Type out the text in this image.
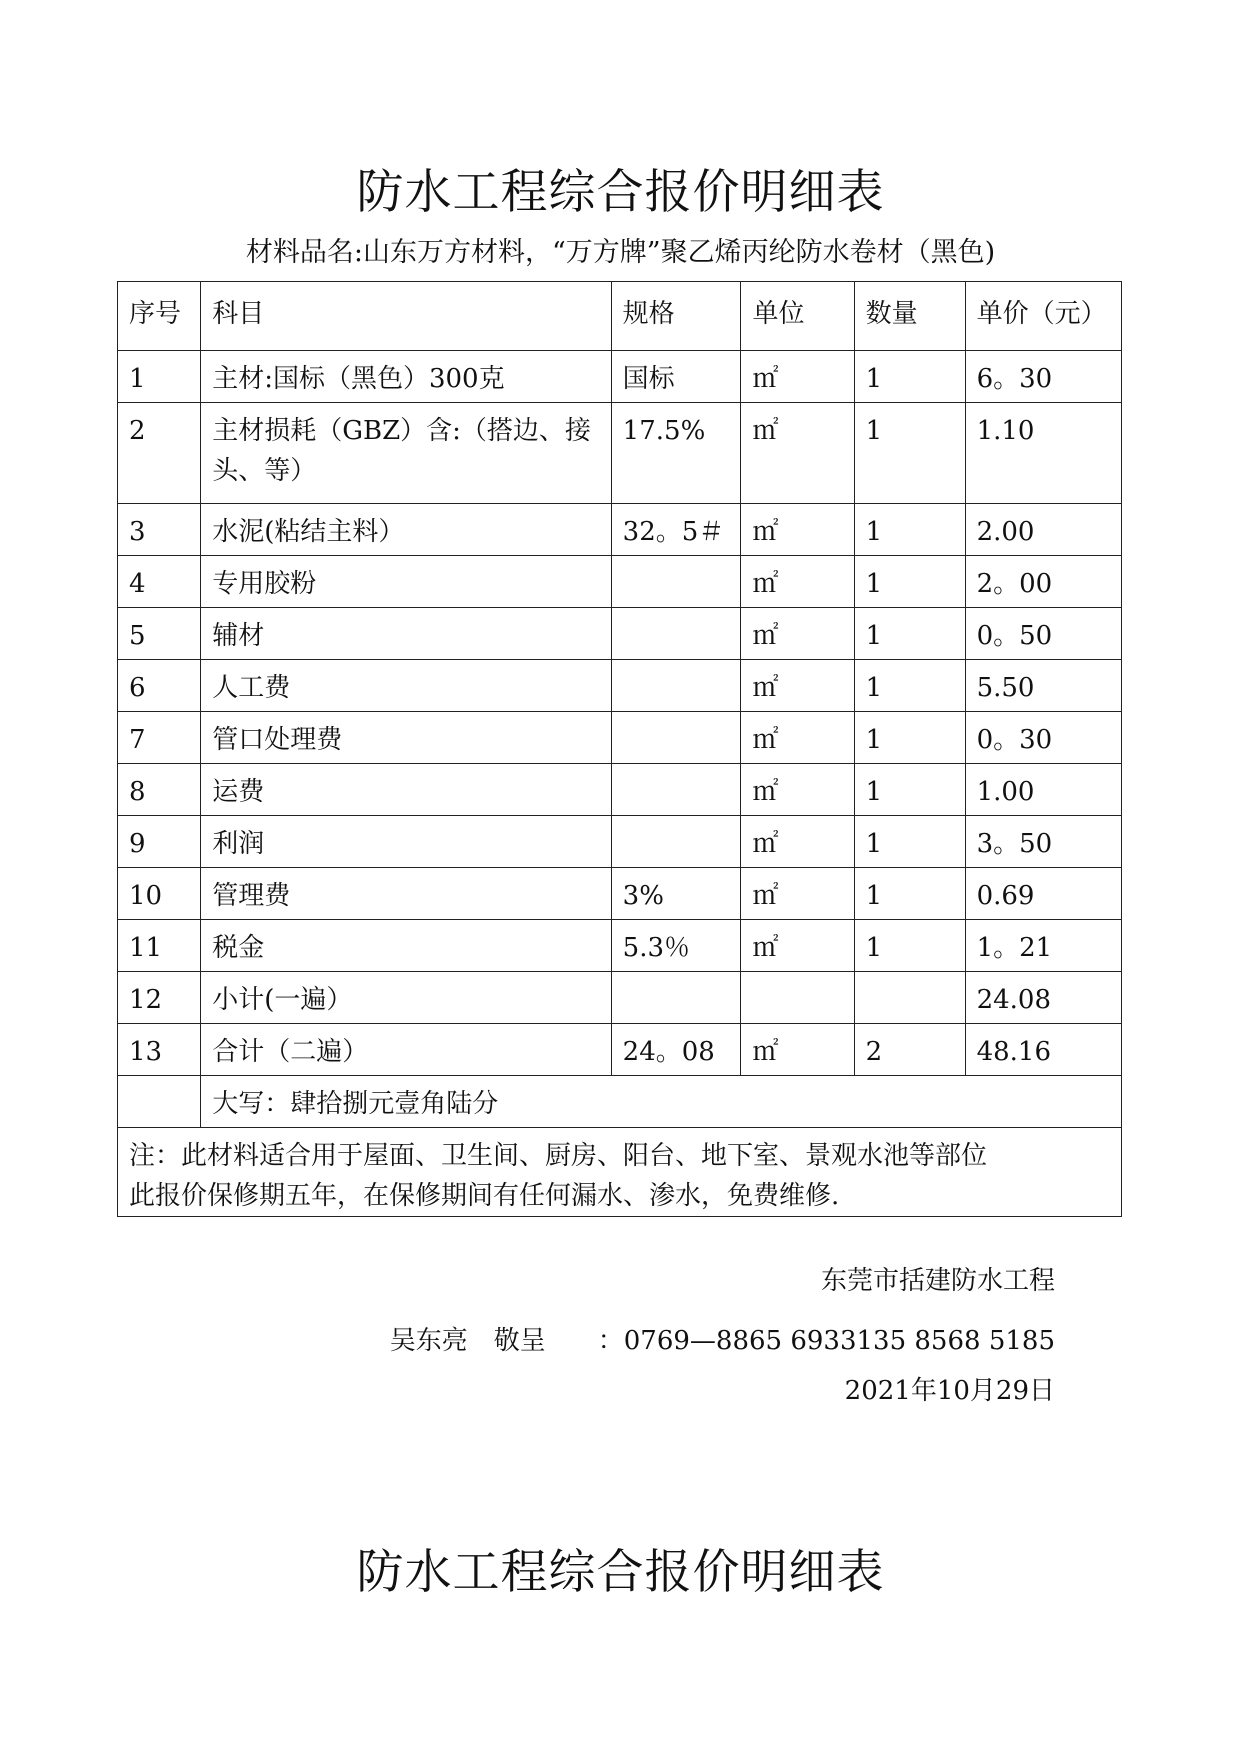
防水工程综合报价明细表
材料品名:山东万方材料，“万方牌”聚乙烯丙纶防水卷材（黑色)
序号	科目	规格	单位	数量	单价（元）
1	主材:国标（黑色）300克	国标	㎡	1	6。30
2	主材损耗（GBZ）含:（搭边、接头、等）	17.5%	㎡	1	1.10
3	水泥(粘结主料）	32。5＃	㎡	1	2.00
4	专用胶粉		㎡	1	2。00
5	辅材		㎡	1	0。50
6	人工费		㎡	1	5.50
7	管口处理费		㎡	1	0。30
8	运费		㎡	1	1.00
9	利润		㎡	1	3。50
10	管理费	3%	㎡	1	0.69
11	税金	5.3％	㎡	1	1。21
12	小计(一遍）				24.08
13	合计（二遍）	24。08	㎡	2	48.16
	大写：肆拾捌元壹角陆分				

注：此材料适合用于屋面、卫生间、厨房、阳台、地下室、景观水池等部位
此报价保修期五年，在保修期间有任何漏水、渗水，免费维修.					
东莞市括建防水工程
吴东亮　敬呈 ：0769—8865 6933135 8568 5185
2021年10月29日
防水工程综合报价明细表
